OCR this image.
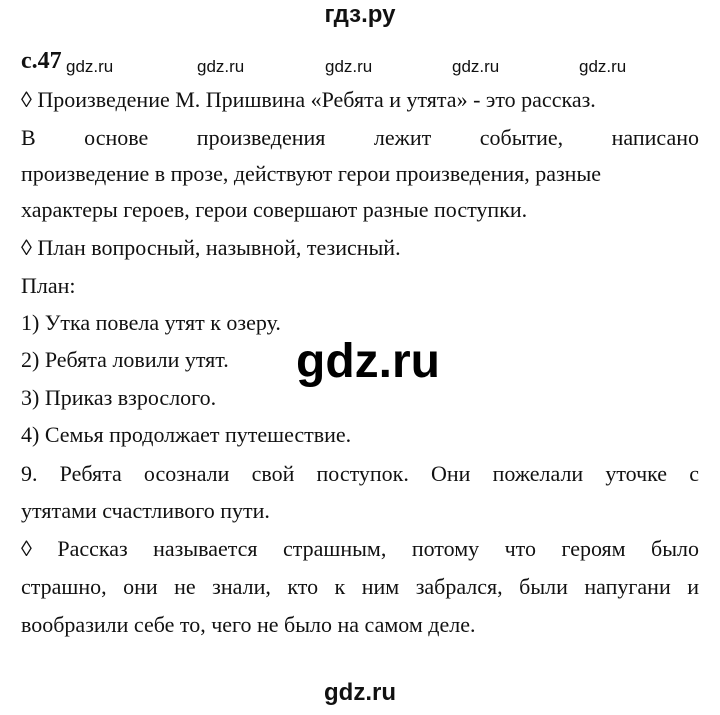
гдз.ру
с.47 gdz.ru	gdz.ru	gdz.ru	gdz.ru	gdz.ru
◊ Произведение М. Пришвина «Ребята и утята» - это рассказ.
В основе произведения лежит событие, написано
произведение в прозе, действуют герои произведения, разные
характеры героев, герои совершают разные поступки.
◊ План вопросный, назывной, тезисный.
План:
1) Утка повела утят к озеру.
2) Ребята ловили утят.
3) Приказ взрослого.
4) Семья продолжает путешествие.
9. Ребята осознали свой поступок. Они пожелали уточке с
утятами счастливого пути.
◊ Рассказ называется страшным, потому что героям было
страшно, они не знали, кто к ним забрался, были напугани и
вообразили себе то, чего не было на самом деле.
gdz.ru
gdz.ru
